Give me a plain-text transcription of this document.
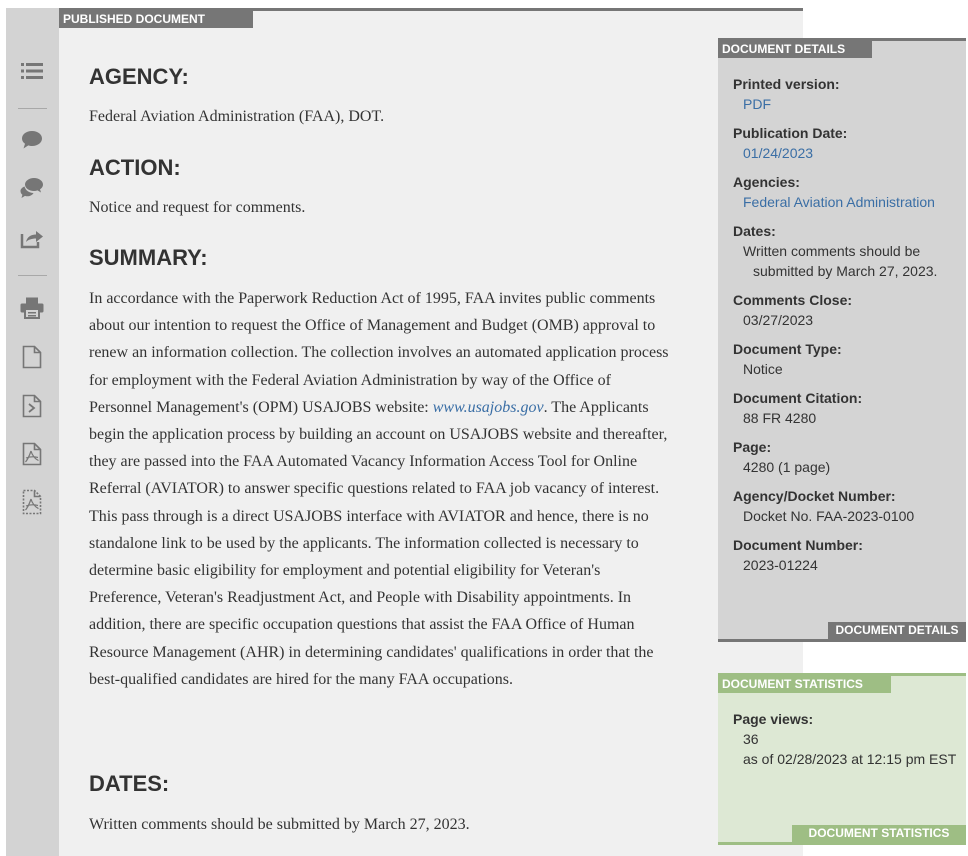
PUBLISHED DOCUMENT
AGENCY:
Federal Aviation Administration (FAA), DOT.
ACTION:
Notice and request for comments.
SUMMARY:
In accordance with the Paperwork Reduction Act of 1995, FAA invites public comments about our intention to request the Office of Management and Budget (OMB) approval to renew an information collection. The collection involves an automated application process for employment with the Federal Aviation Administration by way of the Office of Personnel Management's (OPM) USAJOBS website: www.usajobs.gov. The Applicants begin the application process by building an account on USAJOBS website and thereafter, they are passed into the FAA Automated Vacancy Information Access Tool for Online Referral (AVIATOR) to answer specific questions related to FAA job vacancy of interest. This pass through is a direct USAJOBS interface with AVIATOR and hence, there is no standalone link to be used by the applicants. The information collected is necessary to determine basic eligibility for employment and potential eligibility for Veteran's Preference, Veteran's Readjustment Act, and People with Disability appointments. In addition, there are specific occupation questions that assist the FAA Office of Human Resource Management (AHR) in determining candidates' qualifications in order that the best-qualified candidates are hired for the many FAA occupations.
DATES:
Written comments should be submitted by March 27, 2023.
DOCUMENT DETAILS
Printed version:
PDF
Publication Date:
01/24/2023
Agencies:
Federal Aviation Administration
Dates:
Written comments should be submitted by March 27, 2023.
Comments Close:
03/27/2023
Document Type:
Notice
Document Citation:
88 FR 4280
Page:
4280 (1 page)
Agency/Docket Number:
Docket No. FAA-2023-0100
Document Number:
2023-01224
DOCUMENT DETAILS
DOCUMENT STATISTICS
Page views:
36
as of 02/28/2023 at 12:15 pm EST
DOCUMENT STATISTICS
